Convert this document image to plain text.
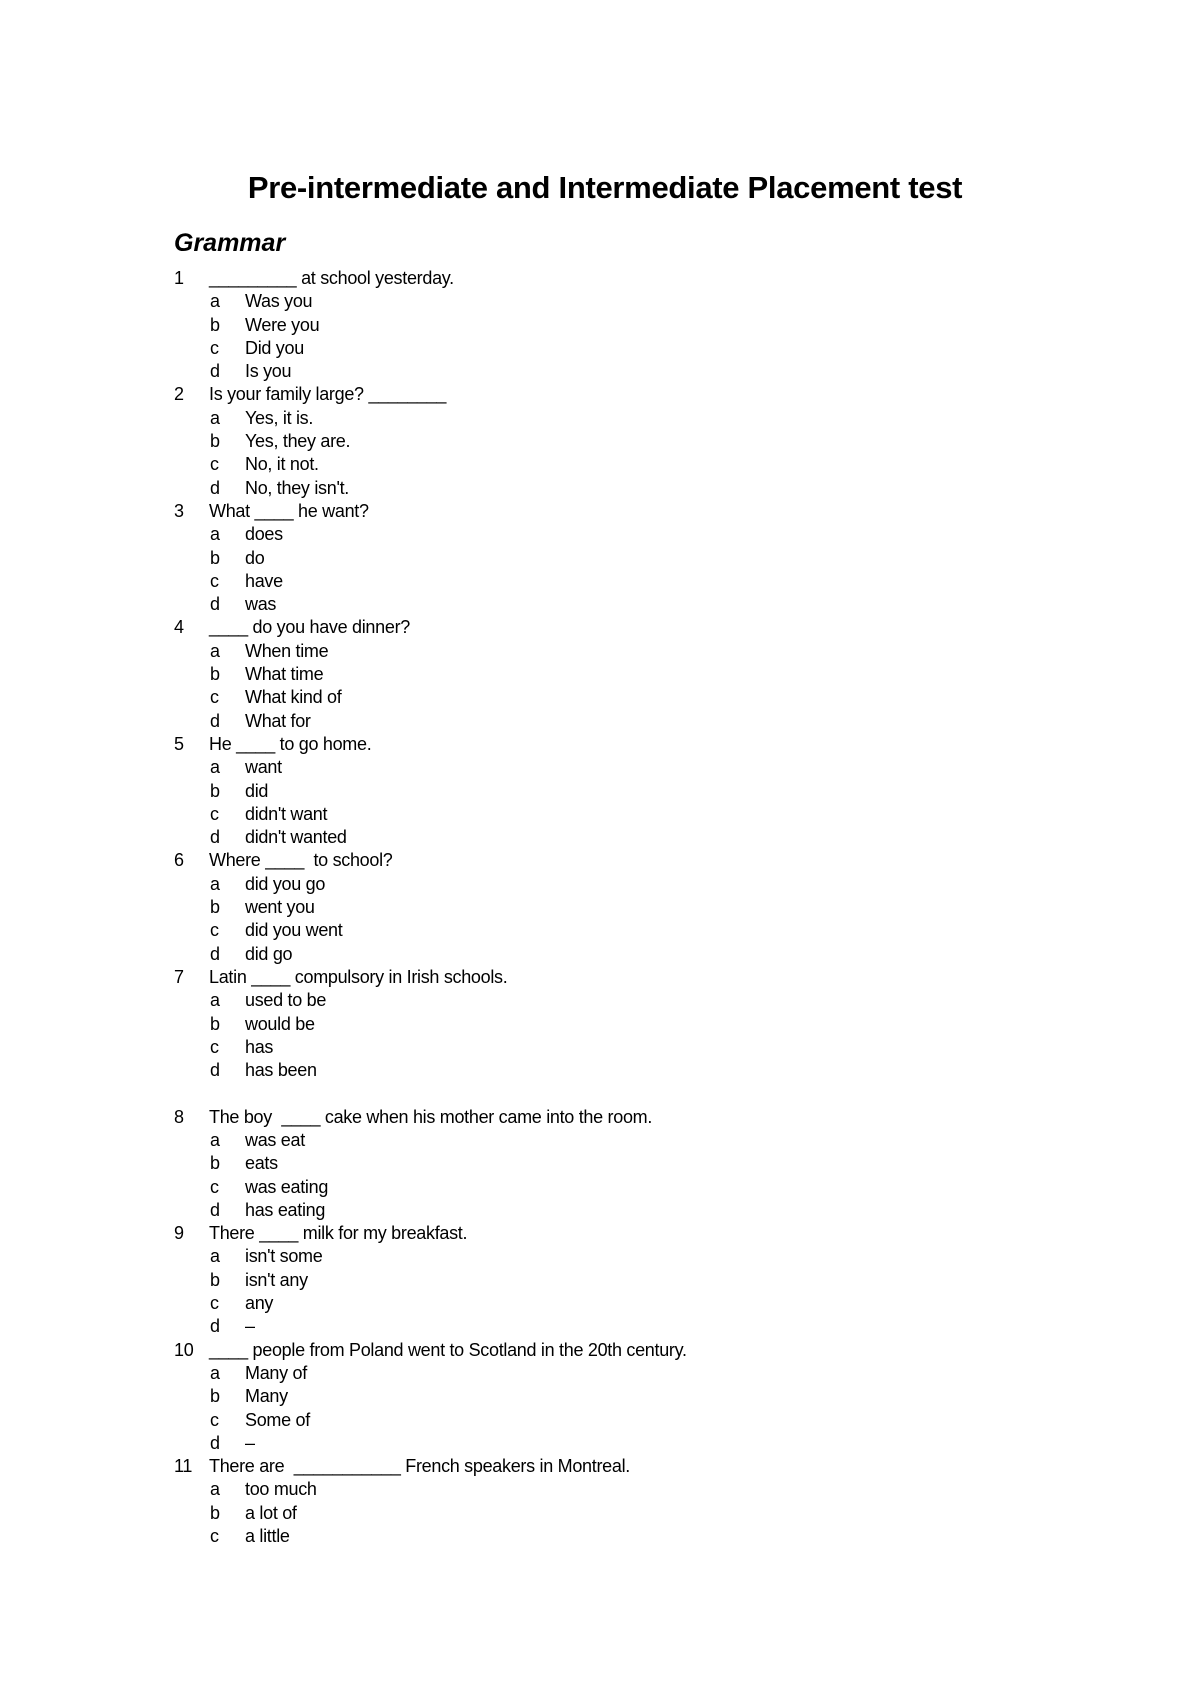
Pre-intermediate and Intermediate Placement test
Grammar
1 _________ at school yesterday.
a Was you
b Were you
c Did you
d Is you
2 Is your family large? ________
a Yes, it is.
b Yes, they are.
c No, it not.
d No, they isn't.
3 What ____ he want?
a does
b do
c have
d was
4 ____ do you have dinner?
a When time
b What time
c What kind of
d What for
5 He ____ to go home.
a want
b did
c didn't want
d didn't wanted
6 Where ____  to school?
a did you go
b went you
c did you went
d did go
7 Latin ____ compulsory in Irish schools.
a used to be
b would be
c has
d has been
8 The boy  ____ cake when his mother came into the room.
a was eat
b eats
c was eating
d has eating
9 There ____ milk for my breakfast.
a isn't some
b isn't any
c any
d –
10 ____ people from Poland went to Scotland in the 20th century.
a Many of
b Many
c Some of
d –
11 There are  ___________ French speakers in Montreal.
a too much
b a lot of
c a little
